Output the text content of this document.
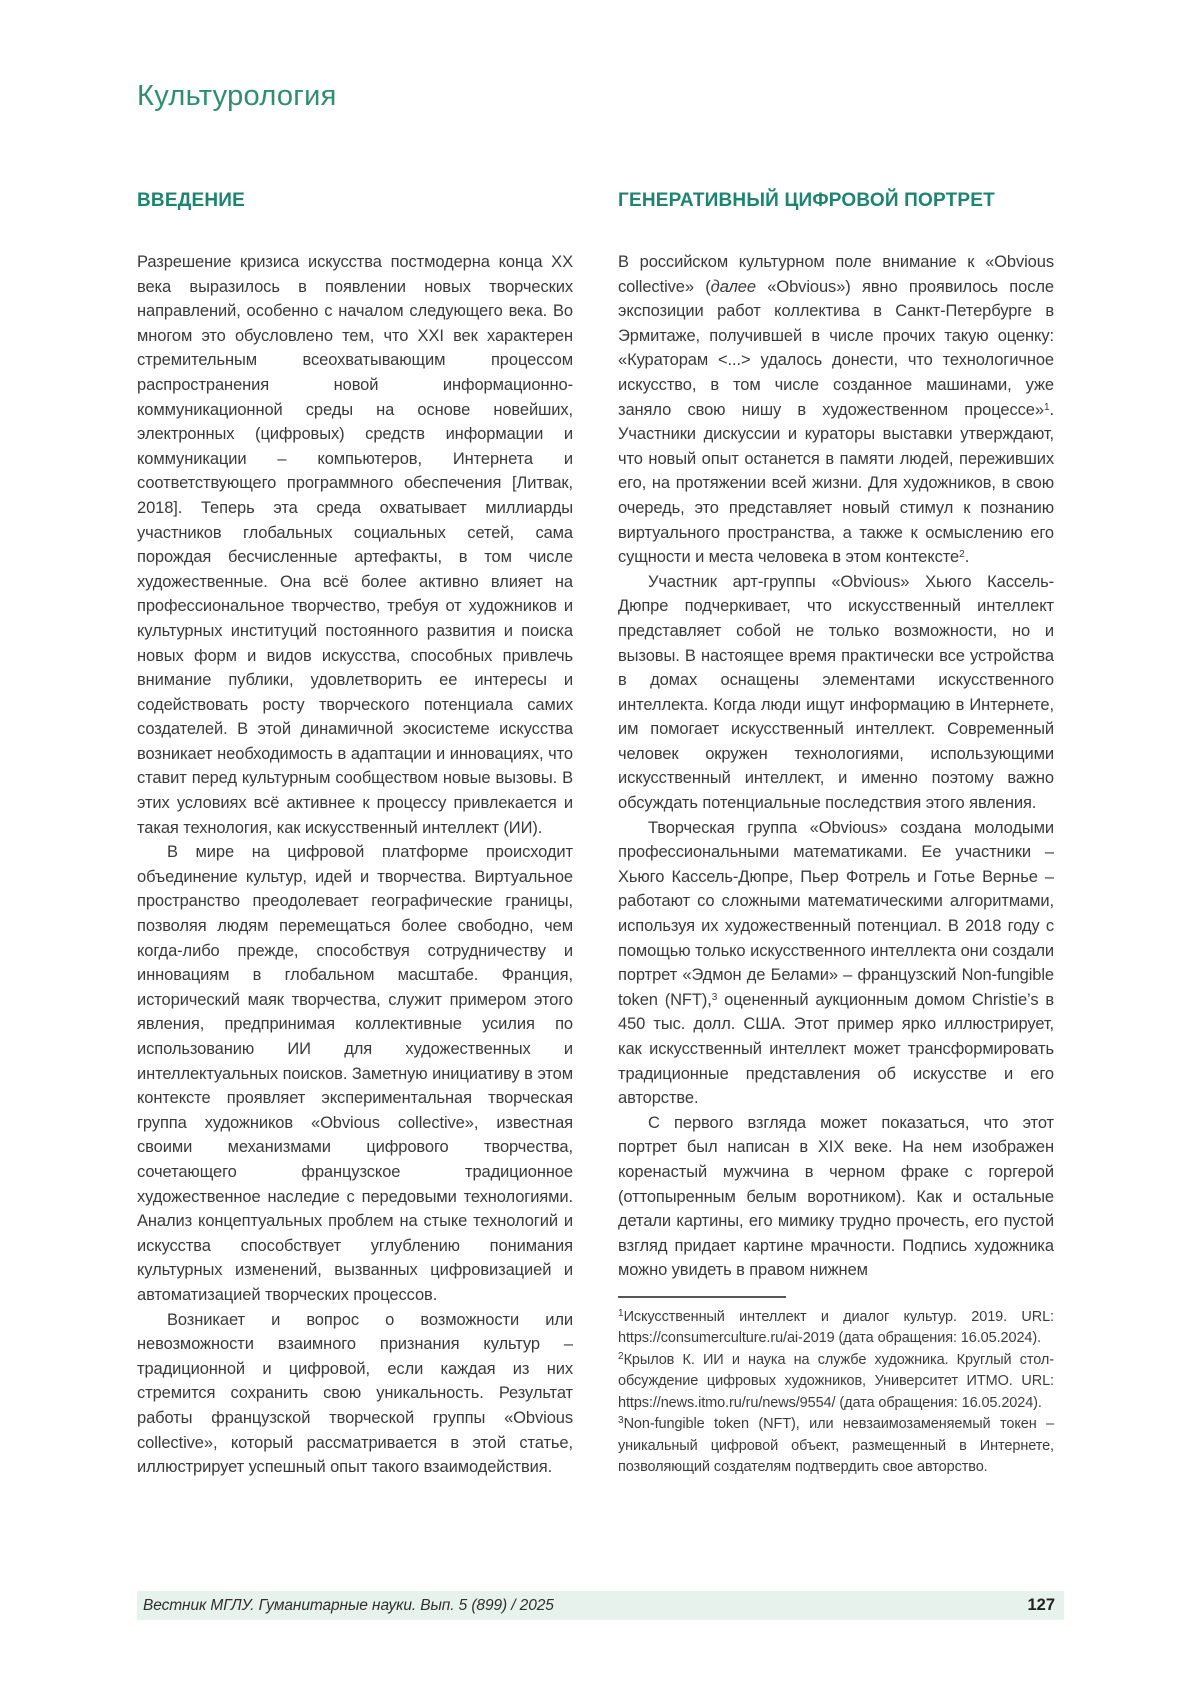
Культурология
ВВЕДЕНИЕ

Разрешение кризиса искусства постмодерна конца ХХ века выразилось в появлении новых творческих направлений, особенно с началом следующего века. Во многом это обусловлено тем, что XXI век характерен стремительным всеохватывающим процессом распространения новой информационно-коммуникационной среды на основе новейших, электронных (цифровых) средств информации и коммуникации – компьютеров, Интернета и соответствующего программного обеспечения [Литвак, 2018]. Теперь эта среда охватывает миллиарды участников глобальных социальных сетей, сама порождая бесчисленные артефакты, в том числе художественные. Она всё более активно влияет на профессиональное творчество, требуя от художников и культурных институций постоянного развития и поиска новых форм и видов искусства, способных привлечь внимание публики, удовлетворить ее интересы и содействовать росту творческого потенциала самих создателей. В этой динамичной экосистеме искусства возникает необходимость в адаптации и инновациях, что ставит перед культурным сообществом новые вызовы. В этих условиях всё активнее к процессу привлекается и такая технология, как искусственный интеллект (ИИ).

В мире на цифровой платформе происходит объединение культур, идей и творчества. Виртуальное пространство преодолевает географические границы, позволяя людям перемещаться более свободно, чем когда-либо прежде, способствуя сотрудничеству и инновациям в глобальном масштабе. Франция, исторический маяк творчества, служит примером этого явления, предпринимая коллективные усилия по использованию ИИ для художественных и интеллектуальных поисков. Заметную инициативу в этом контексте проявляет экспериментальная творческая группа художников «Obvious collective», известная своими механизмами цифрового творчества, сочетающего французское традиционное художественное наследие с передовыми технологиями. Анализ концептуальных проблем на стыке технологий и искусства способствует углублению понимания культурных изменений, вызванных цифровизацией и автоматизацией творческих процессов.

Возникает и вопрос о возможности или невозможности взаимного признания культур – традиционной и цифровой, если каждая из них стремится сохранить свою уникальность. Результат работы французской творческой группы «Obvious collective», который рассматривается в этой статье, иллюстрирует успешный опыт такого взаимодействия.

ГЕНЕРАТИВНЫЙ ЦИФРОВОЙ ПОРТРЕТ

В российском культурном поле внимание к «Obvious collective» (далее «Obvious») явно проявилось после экспозиции работ коллектива в Санкт-Петербурге в Эрмитаже, получившей в числе прочих такую оценку: «Кураторам <...> удалось донести, что технологичное искусство, в том числе созданное машинами, уже заняло свою нишу в художественном процессе»$^1$. Участники дискуссии и кураторы выставки утверждают, что новый опыт останется в памяти людей, переживших его, на протяжении всей жизни. Для художников, в свою очередь, это представляет новый стимул к познанию виртуального пространства, а также к осмыслению его сущности и места человека в этом контексте$^2$.

Участник арт-группы «Obvious» Хьюго Кассель-Дюпре подчеркивает, что искусственный интеллект представляет собой не только возможности, но и вызовы. В настоящее время практически все устройства в домах оснащены элементами искусственного интеллекта. Когда люди ищут информацию в Интернете, им помогает искусственный интеллект. Современный человек окружен технологиями, использующими искусственный интеллект, и именно поэтому важно обсуждать потенциальные последствия этого явления.

Творческая группа «Obvious» создана молодыми профессиональными математиками. Ее участники – Хьюго Кассель-Дюпре, Пьер Фотрель и Готье Вернье – работают со сложными математическими алгоритмами, используя их художественный потенциал. В 2018 году с помощью только искусственного интеллекта они создали портрет «Эдмон де Белами» – французский Non-fungible token (NFT),$^3$ оцененный аукционным домом Christie’s в 450 тыс. долл. США. Этот пример ярко иллюстрирует, как искусственный интеллект может трансформировать традиционные представления об искусстве и его авторстве.

С первого взгляда может показаться, что этот портрет был написан в XIX веке. На нем изображен коренастый мужчина в черном фраке с горгерой (оттопыренным белым воротником). Как и остальные детали картины, его мимику трудно прочесть, его пустой взгляд придает картине мрачности. Подпись художника можно увидеть в правом нижнем

$^1$Искусственный интеллект и диалог культур. 2019. URL: https://consumerculture.ru/ai-2019 (дата обращения: 16.05.2024).

$^2$Крылов К. ИИ и наука на службе художника. Круглый стол-обсуждение цифровых художников, Университет ИТМО. URL: https://news.itmo.ru/ru/news/9554/ (дата обращения: 16.05.2024).

$^3$Non-fungible token (NFT), или невзаимозаменяемый токен – уникальный цифровой объект, размещенный в Интернете, позволяющий создателям подтвердить свое авторство.

Вестник МГЛУ. Гуманитарные науки. Вып. 5 (899) / 2025	127
